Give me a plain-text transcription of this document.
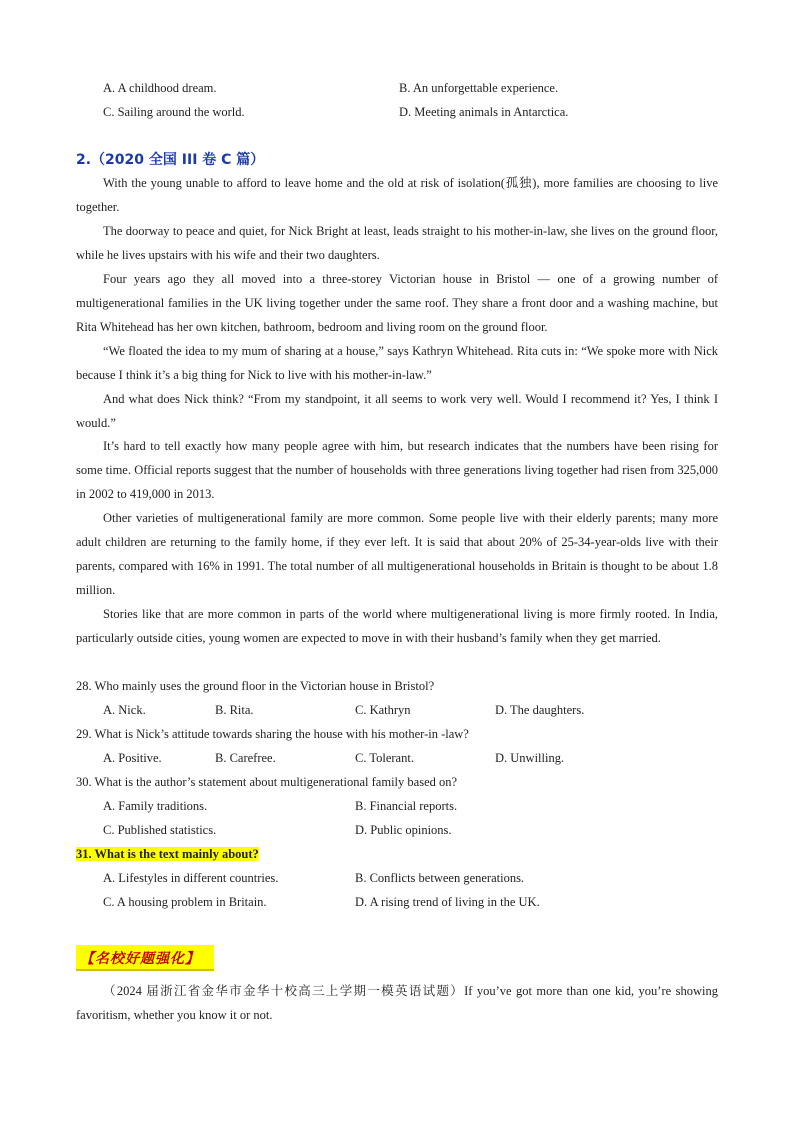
A. A childhood dream.	B. An unforgettable experience.
C. Sailing around the world.	D. Meeting animals in Antarctica.
2.（2020 全国 III 卷 C 篇）
With the young unable to afford to leave home and the old at risk of isolation(孤独), more families are choosing to live together.
The doorway to peace and quiet, for Nick Bright at least, leads straight to his mother-in-law, she lives on the ground floor, while he lives upstairs with his wife and their two daughters.
Four years ago they all moved into a three-storey Victorian house in Bristol — one of a growing number of multigenerational families in the UK living together under the same roof. They share a front door and a washing machine, but Rita Whitehead has her own kitchen, bathroom, bedroom and living room on the ground floor.
“We floated the idea to my mum of sharing at a house,” says Kathryn Whitehead. Rita cuts in: “We spoke more with Nick because I think it’s a big thing for Nick to live with his mother-in-law.”
And what does Nick think? “From my standpoint, it all seems to work very well. Would I recommend it? Yes, I think I would.”
It’s hard to tell exactly how many people agree with him, but research indicates that the numbers have been rising for some time. Official reports suggest that the number of households with three generations living together had risen from 325,000 in 2002 to 419,000 in 2013.
Other varieties of multigenerational family are more common. Some people live with their elderly parents; many more adult children are returning to the family home, if they ever left. It is said that about 20% of 25-34-year-olds live with their parents, compared with 16% in 1991. The total number of all multigenerational households in Britain is thought to be about 1.8 million.
Stories like that are more common in parts of the world where multigenerational living is more firmly rooted. In India, particularly outside cities, young women are expected to move in with their husband’s family when they get married.
28. Who mainly uses the ground floor in the Victorian house in Bristol?
A. Nick.	B. Rita.	C. Kathryn	D. The daughters.
29. What is Nick’s attitude towards sharing the house with his mother-in -law?
A. Positive.	B. Carefree.	C. Tolerant.	D. Unwilling.
30. What is the author’s statement about multigenerational family based on?
A. Family traditions.	B. Financial reports.
C. Published statistics.	D. Public opinions.
31. What is the text mainly about?
A. Lifestyles in different countries.	B. Conflicts between generations.
C. A housing problem in Britain.	D. A rising trend of living in the UK.
【名校好题强化】
（2024 届浙江省金华市金华十校高三上学期一模英语试题）If you’ve got more than one kid, you’re showing favoritism, whether you know it or not.
